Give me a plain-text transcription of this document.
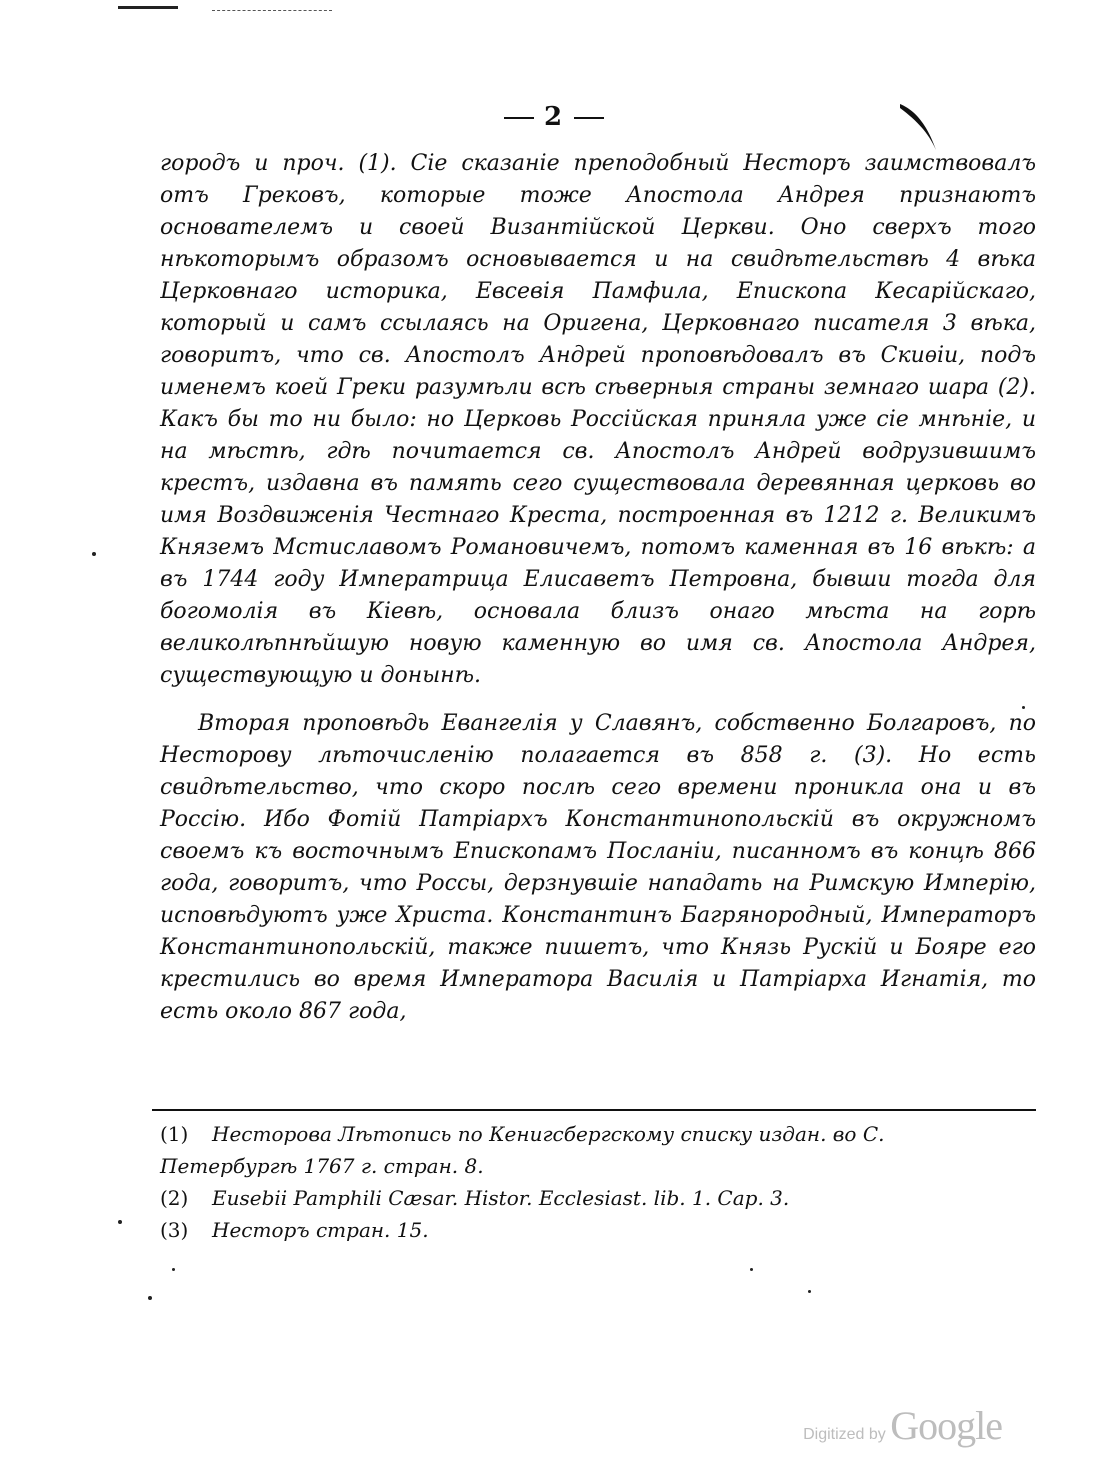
2

городъ и проч. (1). Сіе сказаніе преподобный Несторъ заимствовалъ отъ Грековъ, которые тоже Апостола Андрея признаютъ основателемъ и своей Византійской Церкви. Оно сверхъ того нѣкоторымъ образомъ основывается и на свидѣтельствѣ 4 вѣка Церковнаго историка, Евсевія Памфила, Епископа Кесарійскаго, который и самъ ссылаясь на Оригена, Церковнаго писателя 3 вѣка, говоритъ, что св. Апостолъ Андрей проповѣдовалъ въ Скиѳіи, подъ именемъ коей Греки разумѣли всѣ сѣверныя страны земнаго шара (2). Какъ бы то ни было: но Церковь Россійская приняла уже сіе мнѣніе, и на мѣстѣ, гдѣ почитается св. Апостолъ Андрей водрузившимъ крестъ, издавна въ память сего существовала деревянная церковь во имя Воздвиженія Честнаго Креста, построенная въ 1212 г. Великимъ Княземъ Мстиславомъ Романовичемъ, потомъ каменная въ 16 вѣкѣ: а въ 1744 году Императрица Елисаветъ Петровна, бывши тогда для богомолія въ Кіевѣ, основала близъ онаго мѣста на горѣ великолѣпнѣйшую новую каменную во имя св. Апостола Андрея, существующую и донынѣ.

Вторая проповѣдь Евангелія у Славянъ, собственно Болгаровъ, по Несторову лѣточисленію полагается въ 858 г. (3). Но есть свидѣтельство, что скоро послѣ сего времени проникла она и въ Россію. Ибо Фотій Патріархъ Константинопольскій въ окружномъ своемъ къ восточнымъ Епископамъ Посланіи, писанномъ въ концѣ 866 года, говоритъ, что Россы, дерзнувшіе нападать на Римскую Имперію, исповѣдуютъ уже Христа. Константинъ Багрянородный, Императоръ Константинопольскій, также пишетъ, что Князь Рускій и Бояре его крестились во время Императора Василія и Патріарха Игнатія, то есть около 867 года,

(1)	Несторова Лѣтопись по Кенигсбергскому списку издан. во С.
Петербургѣ 1767 г. стран. 8.
(2)	Eusebii Pamphili Cæsar. Histor. Ecclesiast. lib. 1. Cap. 3.
(3)	Несторъ стран. 15.
Digitized by Google
